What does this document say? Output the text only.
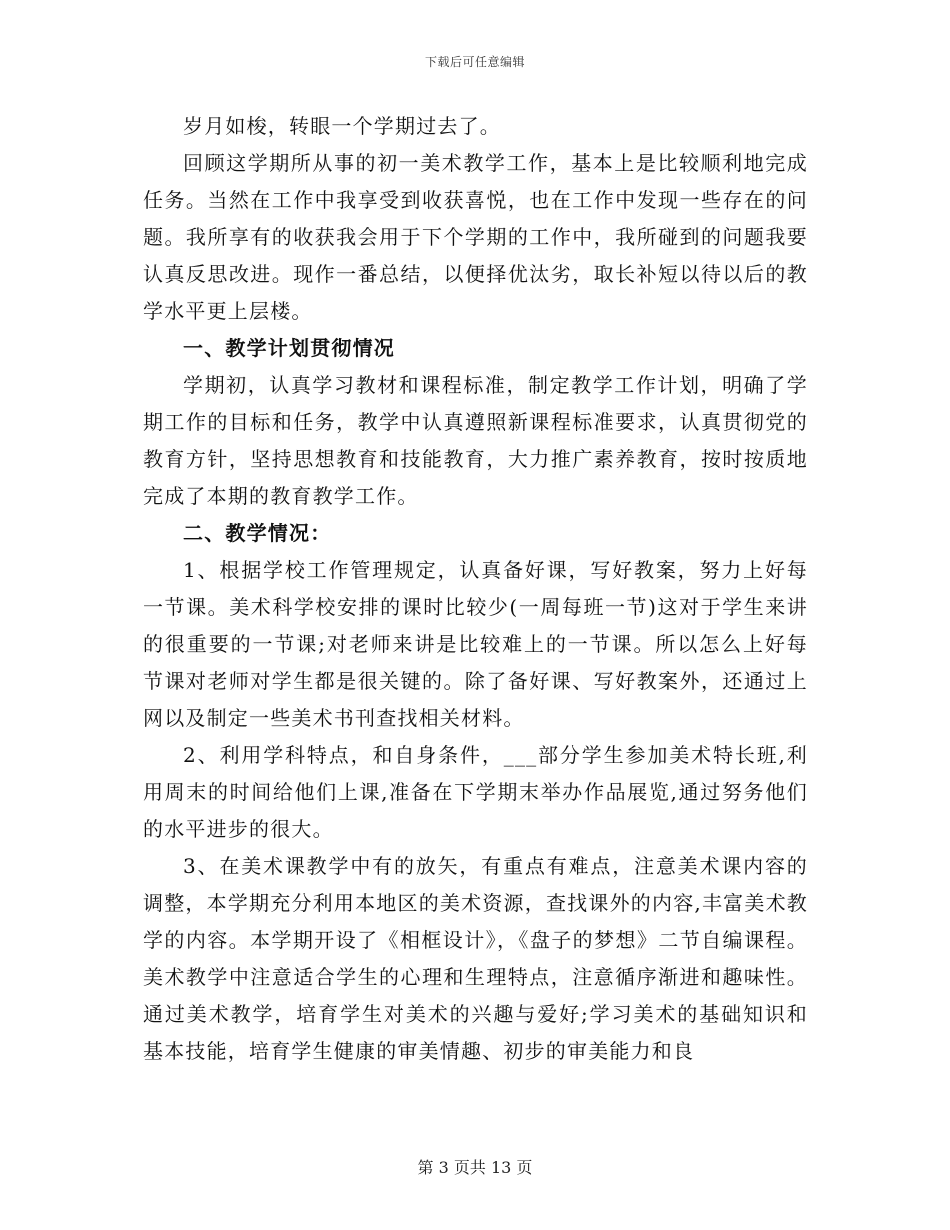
下载后可任意编辑

岁月如梭，转眼一个学期过去了。

回顾这学期所从事的初一美术教学工作，基本上是比较顺利地完成任务。当然在工作中我享受到收获喜悦，也在工作中发现一些存在的问题。我所享有的收获我会用于下个学期的工作中，我所碰到的问题我要认真反思改进。现作一番总结，以便择优汰劣，取长补短以待以后的教学水平更上层楼。

一、教学计划贯彻情况

学期初，认真学习教材和课程标准，制定教学工作计划，明确了学期工作的目标和任务，教学中认真遵照新课程标准要求，认真贯彻党的教育方针，坚持思想教育和技能教育，大力推广素养教育，按时按质地完成了本期的教育教学工作。

二、教学情况：

1、根据学校工作管理规定，认真备好课，写好教案，努力上好每一节课。美术科学校安排的课时比较少(一周每班一节)这对于学生来讲的很重要的一节课;对老师来讲是比较难上的一节课。所以怎么上好每节课对老师对学生都是很关键的。除了备好课、写好教案外，还通过上网以及制定一些美术书刊查找相关材料。

2、利用学科特点，和自身条件，___部分学生参加美术特长班,利用周末的时间给他们上课,准备在下学期末举办作品展览,通过努务他们的水平进步的很大。

3、在美术课教学中有的放矢，有重点有难点，注意美术课内容的调整，本学期充分利用本地区的美术资源，查找课外的内容,丰富美术教学的内容。本学期开设了《相框设计》，《盘子的梦想》二节自编课程。美术教学中注意适合学生的心理和生理特点，注意循序渐进和趣味性。通过美术教学，培育学生对美术的兴趣与爱好;学习美术的基础知识和基本技能，培育学生健康的审美情趣、初步的审美能力和良

第 3 页共 13 页
